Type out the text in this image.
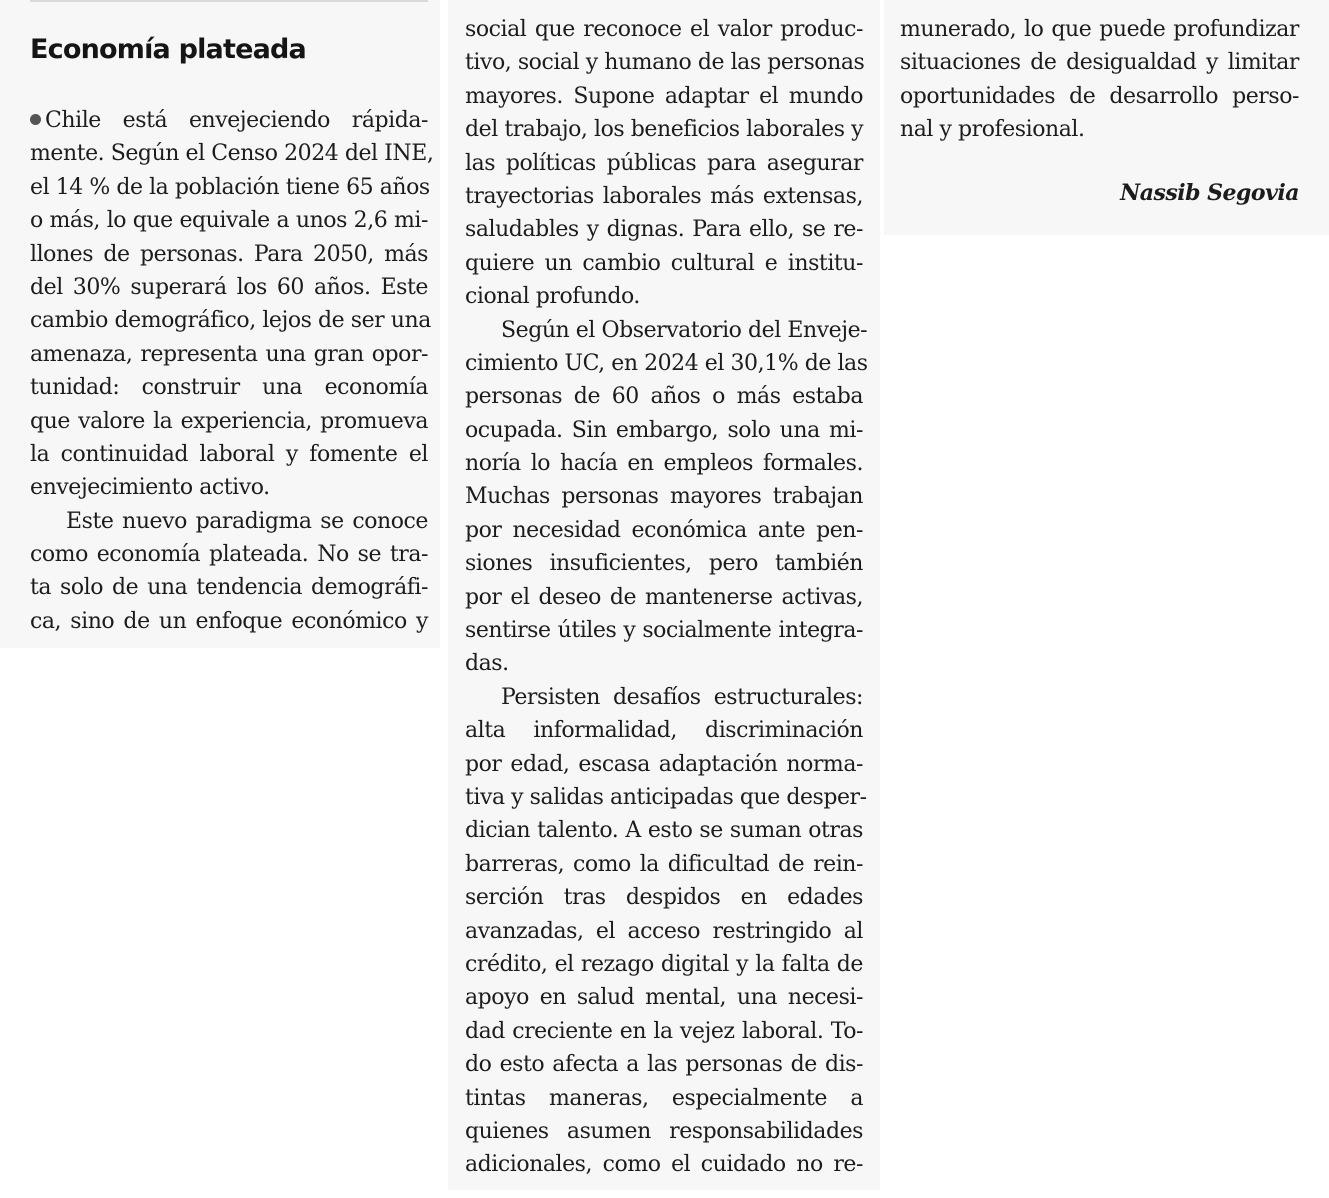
Economía plateada
Chile está envejeciendo rápida-
mente. Según el Censo 2024 del INE,
el 14 % de la población tiene 65 años
o más, lo que equivale a unos 2,6 mi-
llones de personas. Para 2050, más
del 30% superará los 60 años. Este
cambio demográfico, lejos de ser una
amenaza, representa una gran opor-
tunidad: construir una economía
que valore la experiencia, promueva
la continuidad laboral y fomente el
envejecimiento activo.
Este nuevo paradigma se conoce
como economía plateada. No se tra-
ta solo de una tendencia demográfi-
ca, sino de un enfoque económico y
social que reconoce el valor produc-
tivo, social y humano de las personas
mayores. Supone adaptar el mundo
del trabajo, los beneficios laborales y
las políticas públicas para asegurar
trayectorias laborales más extensas,
saludables y dignas. Para ello, se re-
quiere un cambio cultural e institu-
cional profundo.
Según el Observatorio del Enveje-
cimiento UC, en 2024 el 30,1% de las
personas de 60 años o más estaba
ocupada. Sin embargo, solo una mi-
noría lo hacía en empleos formales.
Muchas personas mayores trabajan
por necesidad económica ante pen-
siones insuficientes, pero también
por el deseo de mantenerse activas,
sentirse útiles y socialmente integra-
das.
Persisten desafíos estructurales:
alta informalidad, discriminación
por edad, escasa adaptación norma-
tiva y salidas anticipadas que desper-
dician talento. A esto se suman otras
barreras, como la dificultad de rein-
serción tras despidos en edades
avanzadas, el acceso restringido al
crédito, el rezago digital y la falta de
apoyo en salud mental, una necesi-
dad creciente en la vejez laboral. To-
do esto afecta a las personas de dis-
tintas maneras, especialmente a
quienes asumen responsabilidades
adicionales, como el cuidado no re-
munerado, lo que puede profundizar
situaciones de desigualdad y limitar
oportunidades de desarrollo perso-
nal y profesional.
Nassib Segovia
